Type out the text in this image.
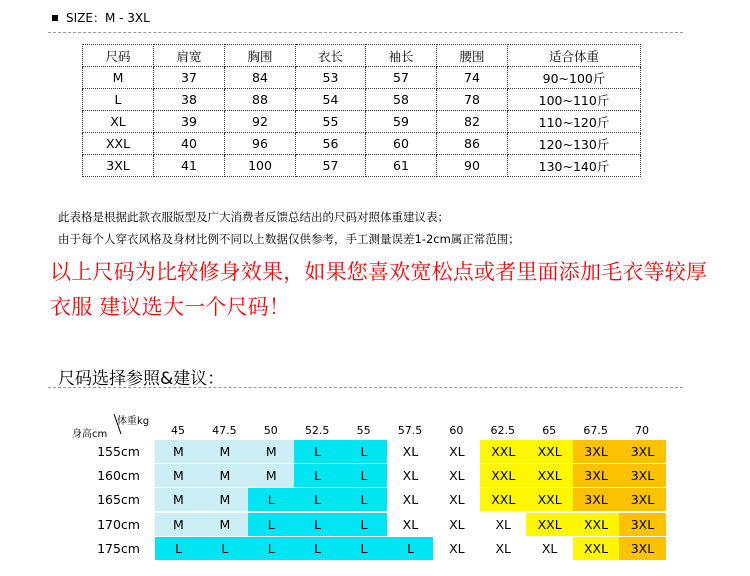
SIZE：M - 3XL
尺码	肩宽	胸围	衣长	袖长	腰围	适合体重
M	37	84	53	57	74	90~100斤
L	38	88	54	58	78	100~110斤
XL	39	92	55	59	82	110~120斤
XXL	40	96	56	60	86	120~130斤
3XL	41	100	57	61	90	130~140斤
此表格是根据此款衣服版型及广大消费者反馈总结出的尺码对照体重建议表；
由于每个人穿衣风格及身材比例不同以上数据仅供参考，手工测量误差1-2cm属正常范围；
以上尺码为比较修身效果，如果您喜欢宽松点或者里面添加毛衣等较厚
衣服 建议选大一个尺码！
尺码选择参照&建议：
体重kg
身高cm	45	47.5	50	52.5	55	57.5	60	62.5	65	67.5	70
155cm	M	M	M	L	L	XL	XL	XXL	XXL	3XL	3XL
160cm	M	M	M	L	L	XL	XL	XXL	XXL	3XL	3XL
165cm	M	M	L	L	L	XL	XL	XXL	XXL	3XL	3XL
170cm	M	M	L	L	L	XL	XL	XL	XXL	XXL	3XL
175cm	L	L	L	L	L	L	XL	XL	XL	XXL	3XL
